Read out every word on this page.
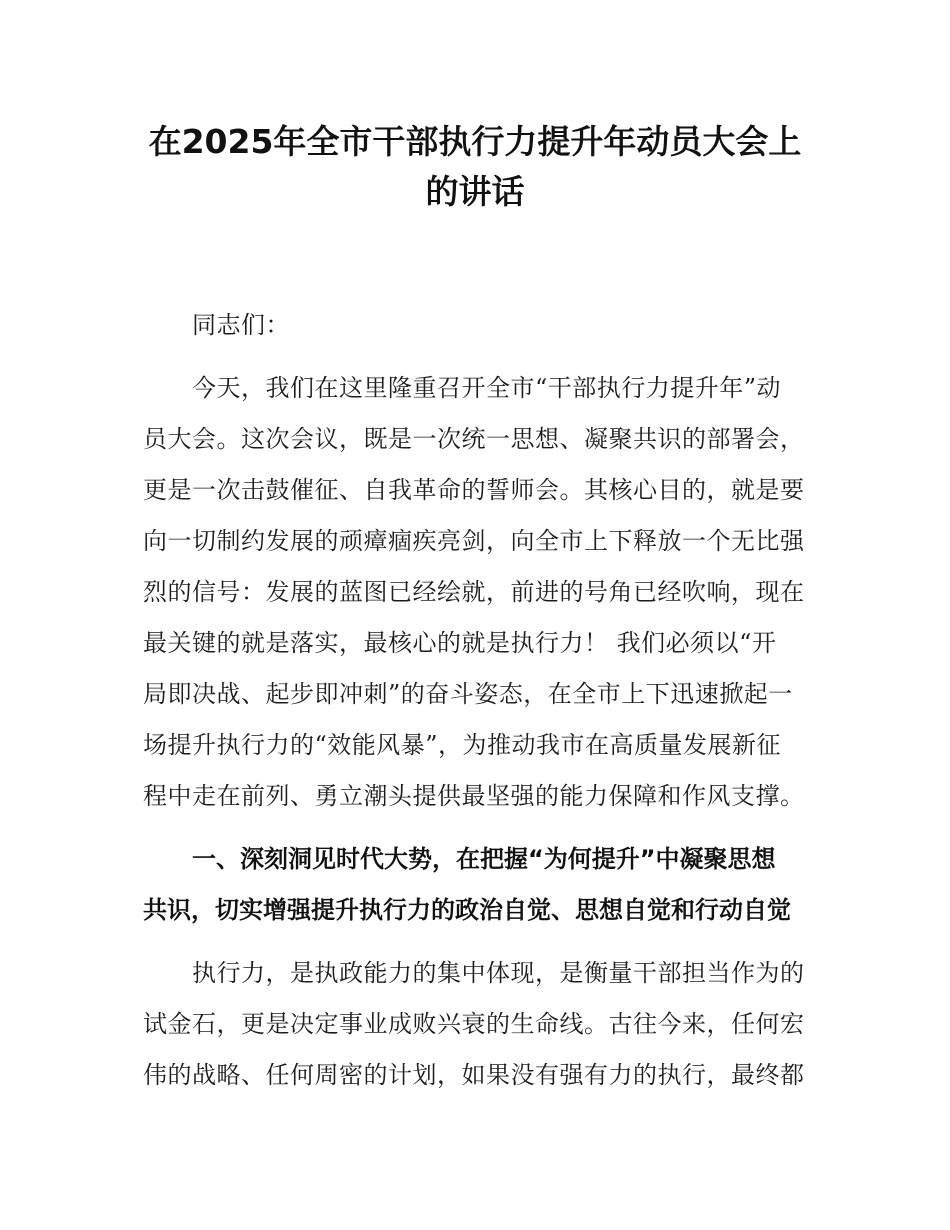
在2025年全市干部执行力提升年动员大会上
的讲话

同志们：

今天，我们在这里隆重召开全市“干部执行力提升年”动

员大会。这次会议，既是一次统一思想、凝聚共识的部署会，

更是一次击鼓催征、自我革命的誓师会。其核心目的，就是要

向一切制约发展的顽瘴痼疾亮剑，向全市上下释放一个无比强

烈的信号：发展的蓝图已经绘就，前进的号角已经吹响，现在

最关键的就是落实，最核心的就是执行力！ 我们必须以“开

局即决战、起步即冲刺”的奋斗姿态，在全市上下迅速掀起一

场提升执行力的“效能风暴”，为推动我市在高质量发展新征

程中走在前列、勇立潮头提供最坚强的能力保障和作风支撑。

一、深刻洞见时代大势，在把握“为何提升”中凝聚思想

共识，切实增强提升执行力的政治自觉、思想自觉和行动自觉

执行力，是执政能力的集中体现，是衡量干部担当作为的

试金石，更是决定事业成败兴衰的生命线。古往今来，任何宏

伟的战略、任何周密的计划，如果没有强有力的执行，最终都
